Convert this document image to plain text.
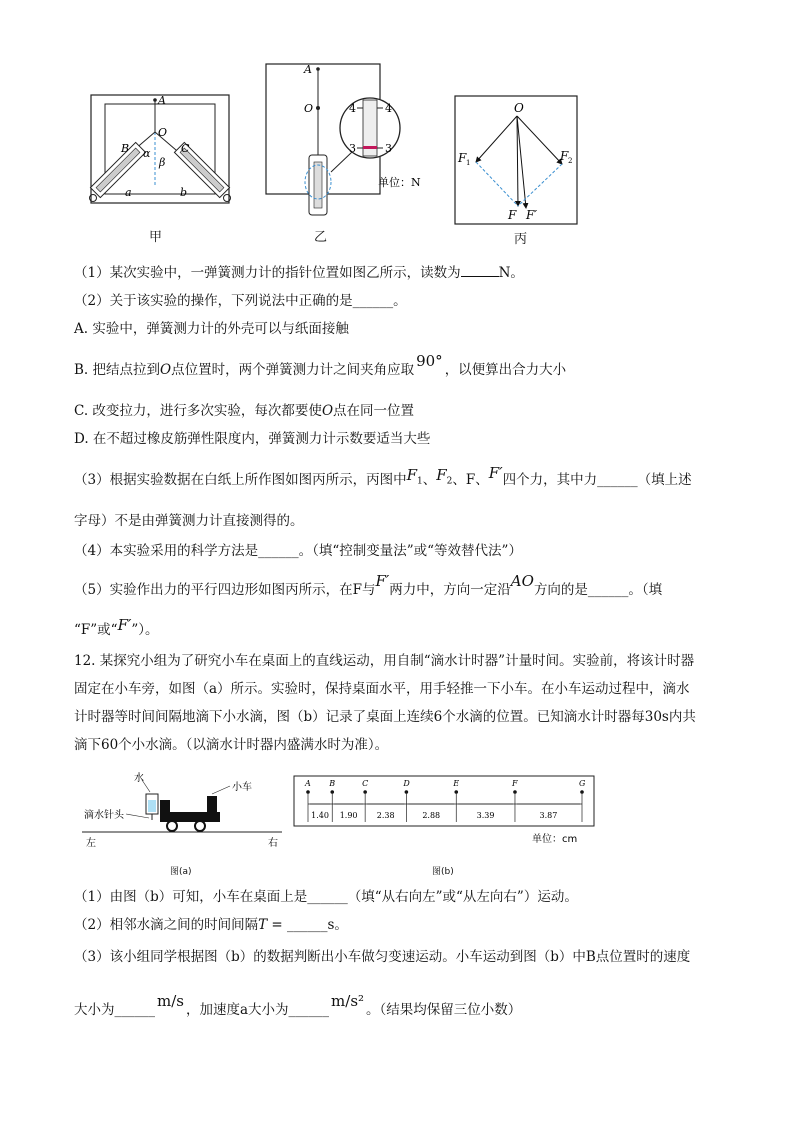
A
O
B	C
α
β
a	b
甲
4	4
3	3
A
O
单位：N
乙
O
F 1	F 2
F F′
丙
（1）某次实验中，一弹簧测力计的指针位置如图乙所示，读数为	N。
（2）关于该实验的操作，下列说法中正确的是______。
A. 实验中，弹簧测力计的外壳可以与纸面接触
B. 把结点拉到O点位置时，两个弹簧测力计之间夹角应取 90° ，以便算出合力大小
C. 改变拉力，进行多次实验，每次都要使O点在同一位置
D. 在不超过橡皮筋弹性限度内，弹簧测力计示数要适当大些
（3）根据实验数据在白纸上所作图如图丙所示，丙图中$F_1$、$F_2$、F、F′四个力，其中力______（填上述
字母）不是由弹簧测力计直接测得的。
（4）本实验采用的科学方法是______。（填“控制变量法”或“等效替代法”）
（5）实验作出力的平行四边形如图丙所示，在F与F′两力中，方向一定沿AO方向的是______。（填
“F”或“F′”）。
12. 某探究小组为了研究小车在桌面上的直线运动，用自制“滴水计时器”计量时间。实验前，将该计时器
固定在小车旁，如图（a）所示。实验时，保持桌面水平，用手轻推一下小车。在小车运动过程中，滴水
计时器等时间间隔地滴下小水滴，图（b）记录了桌面上连续6个水滴的位置。已知滴水计时器每30s内共
滴下60个小水滴。（以滴水计时器内盛满水时为准）。
水
小车
滴水针头
左	右
图(a)
A B	C	D	E	F	G
1.40 1.90 2.38	2.88	3.39	3.87
单位：cm
图(b)
（1）由图（b）可知，小车在桌面上是______（填“从右向左”或“从左向右”）运动。
（2）相邻水滴之间的时间间隔T = ______s。
（3）该小组同学根据图（b）的数据判断出小车做匀变速运动。小车运动到图（b）中B点位置时的速度
大小为______ m/s ，加速度a大小为______ m/s² 。（结果均保留三位小数）
